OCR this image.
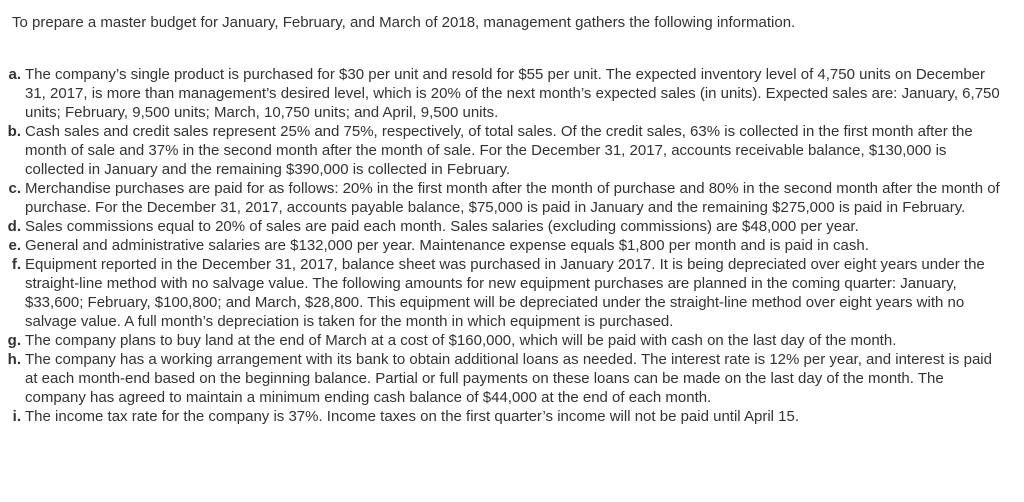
To prepare a master budget for January, February, and March of 2018, management gathers the following information.

a. The company’s single product is purchased for $30 per unit and resold for $55 per unit. The expected inventory level of 4,750 units on December 31, 2017, is more than management’s desired level, which is 20% of the next month’s expected sales (in units). Expected sales are: January, 6,750 units; February, 9,500 units; March, 10,750 units; and April, 9,500 units.
b. Cash sales and credit sales represent 25% and 75%, respectively, of total sales. Of the credit sales, 63% is collected in the first month after the month of sale and 37% in the second month after the month of sale. For the December 31, 2017, accounts receivable balance, $130,000 is collected in January and the remaining $390,000 is collected in February.
c. Merchandise purchases are paid for as follows: 20% in the first month after the month of purchase and 80% in the second month after the month of purchase. For the December 31, 2017, accounts payable balance, $75,000 is paid in January and the remaining $275,000 is paid in February.
d. Sales commissions equal to 20% of sales are paid each month. Sales salaries (excluding commissions) are $48,000 per year.
e. General and administrative salaries are $132,000 per year. Maintenance expense equals $1,800 per month and is paid in cash.
f. Equipment reported in the December 31, 2017, balance sheet was purchased in January 2017. It is being depreciated over eight years under the straight-line method with no salvage value. The following amounts for new equipment purchases are planned in the coming quarter: January, $33,600; February, $100,800; and March, $28,800. This equipment will be depreciated under the straight-line method over eight years with no salvage value. A full month’s depreciation is taken for the month in which equipment is purchased.
g. The company plans to buy land at the end of March at a cost of $160,000, which will be paid with cash on the last day of the month.
h. The company has a working arrangement with its bank to obtain additional loans as needed. The interest rate is 12% per year, and interest is paid at each month-end based on the beginning balance. Partial or full payments on these loans can be made on the last day of the month. The company has agreed to maintain a minimum ending cash balance of $44,000 at the end of each month.
i. The income tax rate for the company is 37%. Income taxes on the first quarter’s income will not be paid until April 15.
